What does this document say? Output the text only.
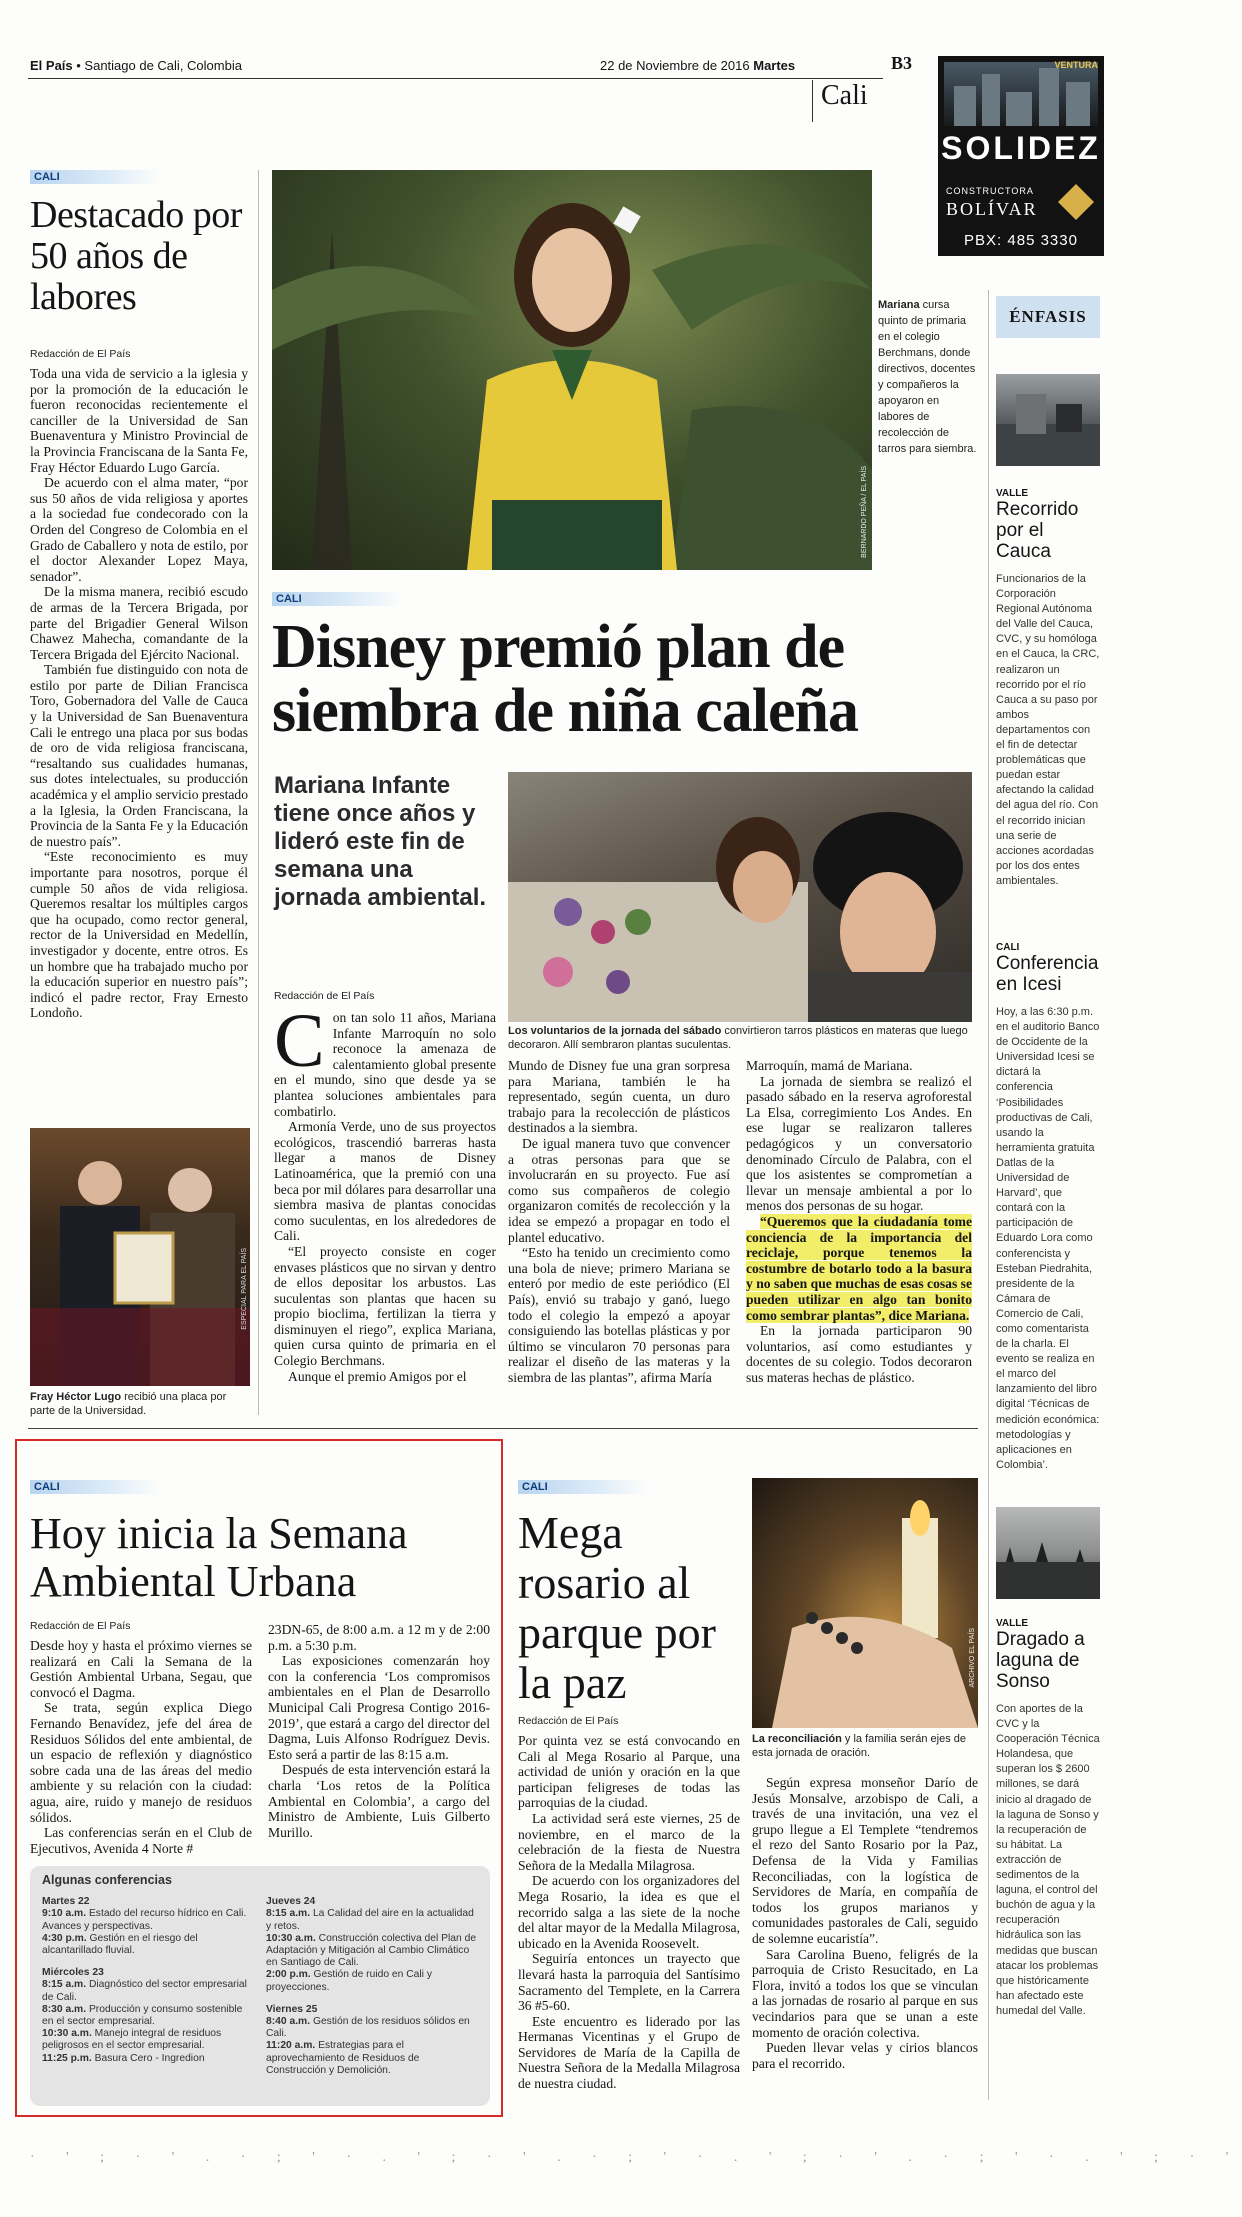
El País • Santiago de Cali, Colombia	22 de Noviembre de 2016 Martes	B3
Cali
VENTURA
SOLIDEZ
CONSTRUCTORA
BOLÍVAR
PBX: 485 3330
CALI
Destacado por 50 años de labores
Redacción de El País

Toda una vida de servicio a la iglesia y por la promoción de la educación le fueron reconocidas recientemente el canciller de la Universidad de San Buenaventura y Ministro Provincial de la Provincia Franciscana de la Santa Fe, Fray Héctor Eduardo Lugo García.

De acuerdo con el alma mater, “por sus 50 años de vida religiosa y aportes a la sociedad fue condecorado con la Orden del Congreso de Colombia en el Grado de Caballero y nota de estilo, por el doctor Alexander Lopez Maya, senador”.

De la misma manera, recibió escudo de armas de la Tercera Brigada, por parte del Brigadier General Wilson Chawez Mahecha, comandante de la Tercera Brigada del Ejército Nacional.

También fue distinguido con nota de estilo por parte de Dilian Francisca Toro, Gobernadora del Valle de Cauca y la Universidad de San Buenaventura Cali le entrego una placa por sus bodas de oro de vida religiosa franciscana, “resaltando sus cualidades humanas, sus dotes intelectuales, su producción académica y el amplio servicio prestado a la Iglesia, la Orden Franciscana, la Provincia de la Santa Fe y la Educación de nuestro país”.

“Este reconocimiento es muy importante para nosotros, porque él cumple 50 años de vida religiosa. Queremos resaltar los múltiples cargos que ha ocupado, como rector general, rector de la Universidad en Medellín, investigador y docente, entre otros. Es un hombre que ha trabajado mucho por la educación superior en nuestro país”; indicó el padre rector, Fray Ernesto Londoño.

ESPECIAL PARA EL PAÍS
Fray Héctor Lugo recibió una placa por parte de la Universidad.
BERNARDO PEÑA / EL PAÍS
Mariana cursa quinto de primaria en el colegio Berchmans, donde directivos, docentes y compañeros la apoyaron en labores de recolección de tarros para siembra.
CALI
Disney premió plan de siembra de niña caleña
Mariana Infante tiene once años y lideró este fin de semana una jornada ambiental.
Redacción de El País
Los voluntarios de la jornada del sábado convirtieron tarros plásticos en materas que luego decoraron. Allí sembraron plantas suculentas.

Con tan solo 11 años, Mariana Infante Marroquín no solo reconoce la amenaza de calentamiento global presente en el mundo, sino que desde ya se plantea soluciones ambientales para combatirlo.

Armonía Verde, uno de sus proyectos ecológicos, trascendió barreras hasta llegar a manos de Disney Latinoamérica, que la premió con una beca por mil dólares para desarrollar una siembra masiva de plantas conocidas como suculentas, en los alrededores de Cali.

“El proyecto consiste en coger envases plásticos que no sirvan y dentro de ellos depositar los arbustos. Las suculentas son plantas que hacen su propio bioclima, fertilizan la tierra y disminuyen el riego”, explica Mariana, quien cursa quinto de primaria en el Colegio Berchmans.

Aunque el premio Amigos por el

Mundo de Disney fue una gran sorpresa para Mariana, también le ha representado, según cuenta, un duro trabajo para la recolección de plásticos destinados a la siembra.

De igual manera tuvo que convencer a otras personas para que se involucrarán en su proyecto. Fue así como sus compañeros de colegio organizaron comités de recolección y la idea se empezó a propagar en todo el plantel educativo.

“Esto ha tenido un crecimiento como una bola de nieve; primero Mariana se enteró por medio de este periódico (El País), envió su trabajo y ganó, luego todo el colegio la empezó a apoyar consiguiendo las botellas plásticas y por último se vincularon 70 personas para realizar el diseño de las materas y la siembra de las plantas”, afirma María

Marroquín, mamá de Mariana.

La jornada de siembra se realizó el pasado sábado en la reserva agroforestal La Elsa, corregimiento Los Andes. En ese lugar se realizaron talleres pedagógicos y un conversatorio denominado Círculo de Palabra, con el que los asistentes se comprometían a llevar un mensaje ambiental a por lo menos dos personas de su hogar.

“Queremos que la ciudadanía tome conciencia de la importancia del reciclaje, porque tenemos la costumbre de botarlo todo a la basura y no saben que muchas de esas cosas se pueden utilizar en algo tan bonito como sembrar plantas”, dice Mariana.

En la jornada participaron 90 voluntarios, así como estudiantes y docentes de su colegio. Todos decoraron sus materas hechas de plástico.

ÉNFASIS
VALLE
Recorrido por el Cauca
Funcionarios de la Corporación Regional Autónoma del Valle del Cauca, CVC, y su homóloga en el Cauca, la CRC, realizaron un recorrido por el río Cauca a su paso por ambos departamentos con el fin de detectar problemáticas que puedan estar afectando la calidad del agua del río. Con el recorrido inician una serie de acciones acordadas por los dos entes ambientales.
CALI
Conferencia en Icesi
Hoy, a las 6:30 p.m. en el auditorio Banco de Occidente de la Universidad Icesi se dictará la conferencia ‘Posibilidades productivas de Cali, usando la herramienta gratuita Datlas de la Universidad de Harvard’, que contará con la participación de Eduardo Lora como conferencista y Esteban Piedrahita, presidente de la Cámara de Comercio de Cali, como comentarista de la charla. El evento se realiza en el marco del lanzamiento del libro digital ‘Técnicas de medición económica: metodologías y aplicaciones en Colombia’.
VALLE
Dragado a laguna de Sonso
Con aportes de la CVC y la Cooperación Técnica Holandesa, que superan los $ 2600 millones, se dará inicio al dragado de la laguna de Sonso y la recuperación de su hábitat. La extracción de sedimentos de la laguna, el control del buchón de agua y la recuperación hidráulica son las medidas que buscan atacar los problemas que históricamente han afectado este humedal del Valle.
CALI
Hoy inicia la Semana Ambiental Urbana
Redacción de El País

Desde hoy y hasta el próximo viernes se realizará en Cali la Semana de la Gestión Ambiental Urbana, Segau, que convocó el Dagma.

Se trata, según explica Diego Fernando Benavídez, jefe del área de Residuos Sólidos del ente ambiental, de un espacio de reflexión y diagnóstico sobre cada una de las áreas del medio ambiente y su relación con la ciudad: agua, aire, ruido y manejo de residuos sólidos.

Las conferencias serán en el Club de Ejecutivos, Avenida 4 Norte #

23DN-65, de 8:00 a.m. a 12 m y de 2:00 p.m. a 5:30 p.m.

Las exposiciones comenzarán hoy con la conferencia ‘Los compromisos ambientales en el Plan de Desarrollo Municipal Cali Progresa Contigo 2016-2019’, que estará a cargo del director del Dagma, Luis Alfonso Rodríguez Devis. Esto será a partir de las 8:15 a.m.

Después de esta intervención estará la charla ‘Los retos de la Política Ambiental en Colombia’, a cargo del Ministro de Ambiente, Luis Gilberto Murillo.

Algunas conferencias
Martes 22
9:10 a.m. Estado del recurso hídrico en Cali. Avances y perspectivas.
4:30 p.m. Gestión en el riesgo del alcantarillado fluvial.
Miércoles 23
8:15 a.m. Diagnóstico del sector empresarial de Cali.
8:30 a.m. Producción y consumo sostenible en el sector empresarial.
10:30 a.m. Manejo integral de residuos peligrosos en el sector empresarial.
11:25 p.m. Basura Cero - Ingredion
Jueves 24
8:15 a.m. La Calidad del aire en la actualidad y retos.
10:30 a.m. Construcción colectiva del Plan de Adaptación y Mitigación al Cambio Climático en Santiago de Cali.
2:00 p.m. Gestión de ruido en Cali y proyecciones.
Viernes 25
8:40 a.m. Gestión de los residuos sólidos en Cali.
11:20 a.m. Estrategias para el aprovechamiento de Residuos de Construcción y Demolición.
CALI
Mega rosario al parque por la paz
Redacción de El País
ARCHIVO EL PAÍS
La reconciliación y la familia serán ejes de esta jornada de oración.

Por quinta vez se está convocando en Cali al Mega Rosario al Parque, una actividad de unión y oración en la que participan feligreses de todas las parroquias de la ciudad.

La actividad será este viernes, 25 de noviembre, en el marco de la celebración de la fiesta de Nuestra Señora de la Medalla Milagrosa.

De acuerdo con los organizadores del Mega Rosario, la idea es que el recorrido salga a las siete de la noche del altar mayor de la Medalla Milagrosa, ubicado en la Avenida Roosevelt.

Seguiría entonces un trayecto que llevará hasta la parroquia del Santísimo Sacramento del Templete, en la Carrera 36 #5-60.

Este encuentro es liderado por las Hermanas Vicentinas y el Grupo de Servidores de María de la Capilla de Nuestra Señora de la Medalla Milagrosa de nuestra ciudad.

Según expresa monseñor Darío de Jesús Monsalve, arzobispo de Cali, a través de una invitación, una vez el grupo llegue a El Templete “tendremos el rezo del Santo Rosario por la Paz, Defensa de la Vida y Familias Reconciliadas, con la logística de Servidores de María, en compañía de todos los grupos marianos y comunidades pastorales de Cali, seguido de solemne eucaristía”.

Sara Carolina Bueno, feligrés de la parroquia de Cristo Resucitado, en La Flora, invitó a todos los que se vinculan a las jornadas de rosario al parque en sus vecindarios para que se unan a este momento de oración colectiva.

Pueden llevar velas y cirios blancos para el recorrido.

· ' ; · ' . · ; ' · . ' ; · ' . · ; ' · . ' ; · ' . · ; ' · . ' ; · '
